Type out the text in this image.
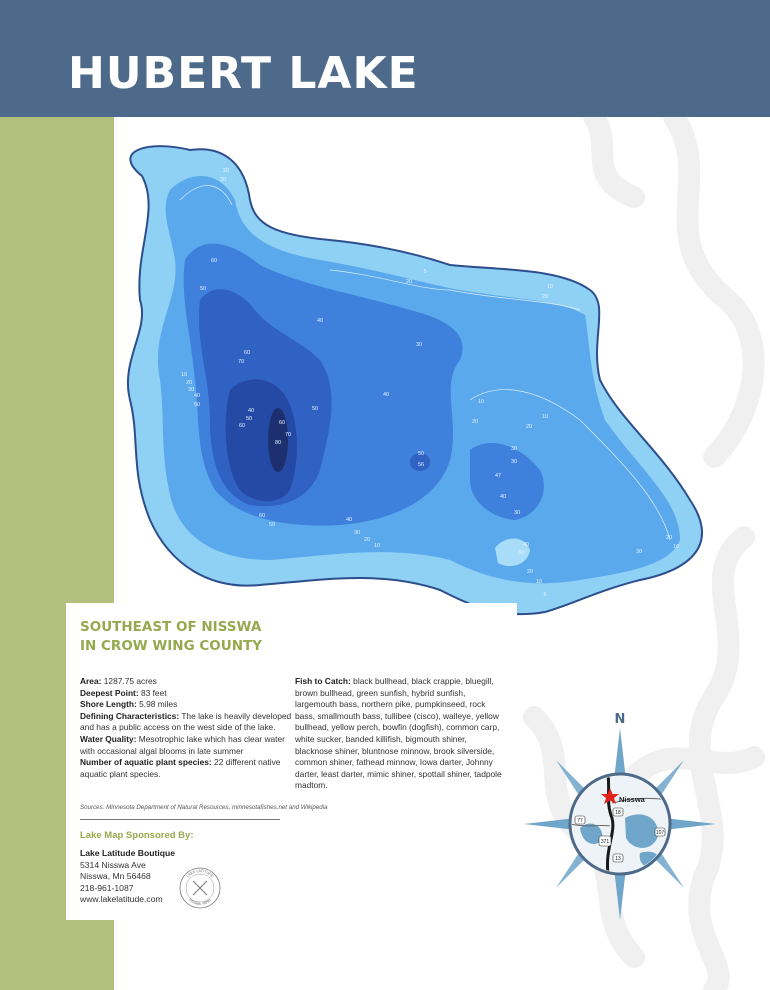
HUBERT LAKE
5
20
30
60
50
40
60
70
10
20
30
40
50
40
50
60	60
70
80
50
40
30
50
56
60
50
40
30
20
10
5
20
10
20
10
20
20
30
30
47
40
30
40
30	30
20
10
20
10
5
10
SOUTHEAST OF NISSWA
IN CROW WING COUNTY
Area: 1287.75 acres
Deepest Point: 83 feet
Shore Length: 5.98 miles
Defining Characteristics: The lake is heavily developed and has a public access on the west side of the lake.
Water Quality: Mesotrophic lake which has clear water with occasional algal blooms in late summer
Number of aquatic plant species: 22 different native aquatic plant species.
Fish to Catch: black bullhead, black crappie, bluegill, brown bullhead, green sunfish, hybrid sunfish, largemouth bass, northern pike, pumpkinseed, rock bass, smallmouth bass, tullibee (cisco), walleye, yellow bullhead, yellow perch, bowfin (dogfish), common carp, white sucker, banded killifish, bigmouth shiner, blacknose shiner, bluntnose minnow, brook silverside, common shiner, fathead minnow, Iowa darter, Johnny darter, least darter, mimic shiner, spottail shiner, tadpole madtom.
Sources: Minnesota Department of Natural Resources, minnesotafishes.net and Wikipedia
Lake Map Sponsored By:
Lake Latitude Boutique
5314 Nisswa Ave
Nisswa, Mn 56468
218-961-1087
www.lakelatitude.com
LAKE LATITUDE
NISSWA, MINN.
N
Nisswa
77
18
371
107
13
